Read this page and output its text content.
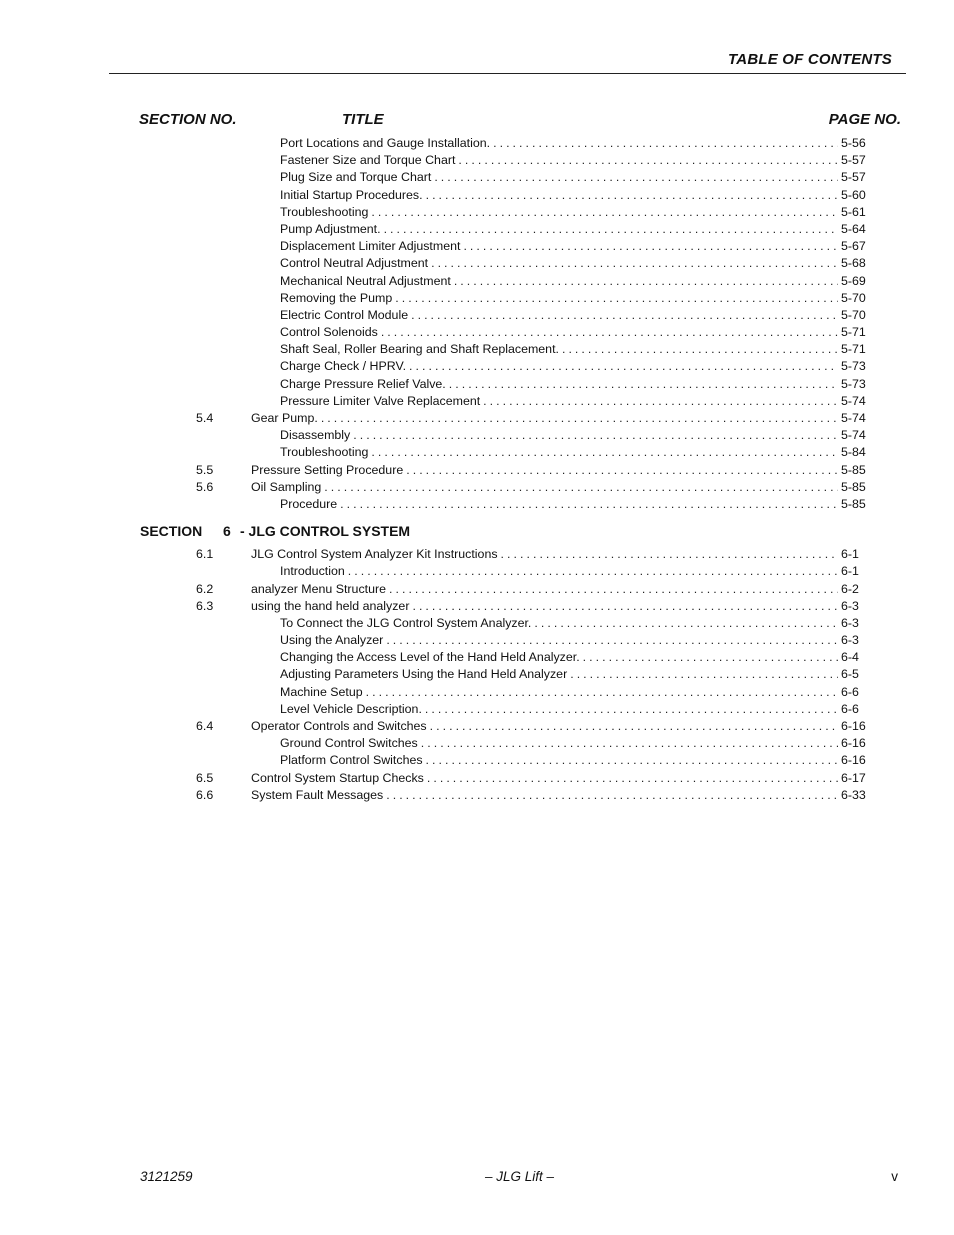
TABLE OF CONTENTS
SECTION NO.	TITLE	PAGE NO.
Port Locations and Gauge Installation. . . .	5-56
Fastener Size and Torque Chart . . .	5-57
Plug Size and Torque Chart . . .	5-57
Initial Startup Procedures. . . .	5-60
Troubleshooting . . .	5-61
Pump Adjustment. . . .	5-64
Displacement Limiter Adjustment . . .	5-67
Control Neutral Adjustment . . .	5-68
Mechanical Neutral Adjustment . . .	5-69
Removing the Pump . . .	5-70
Electric Control Module . . .	5-70
Control Solenoids . . .	5-71
Shaft Seal, Roller Bearing and Shaft Replacement. . . .	5-71
Charge Check / HPRV. . . .	5-73
Charge Pressure Relief Valve. . . .	5-73
Pressure Limiter Valve Replacement . . .	5-74
5.4	Gear Pump. . . .	5-74
Disassembly . . .	5-74
Troubleshooting . . .	5-84
5.5	Pressure Setting Procedure . . .	5-85
5.6	Oil Sampling . . .	5-85
Procedure . . .	5-85
SECTION 6 - JLG CONTROL SYSTEM
6.1	JLG Control System Analyzer Kit Instructions . . .	6-1
Introduction . . .	6-1
6.2	analyzer Menu Structure . . .	6-2
6.3	using the hand held analyzer . . .	6-3
To Connect the JLG Control System Analyzer. . . .	6-3
Using the Analyzer . . .	6-3
Changing the Access Level of the Hand Held Analyzer. . . .	6-4
Adjusting Parameters Using the Hand Held Analyzer . . .	6-5
Machine Setup . . .	6-6
Level Vehicle Description. . . .	6-6
6.4	Operator Controls and Switches . . .	6-16
Ground Control Switches . . .	6-16
Platform Control Switches . . .	6-16
6.5	Control System Startup Checks . . .	6-17
6.6	System Fault Messages . . .	6-33
3121259	– JLG Lift –	v
